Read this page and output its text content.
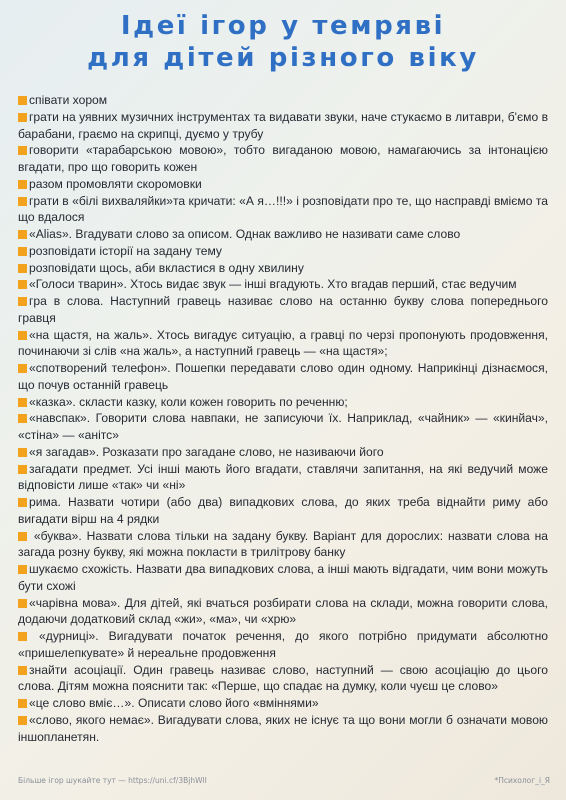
Ідеї ігор у темряві
для дітей різного віку
співати хором
грати на уявних музичних інструментах та видавати звуки, наче стукаємо в литаври, б'ємо в барабани, граємо на скрипці, дуємо у трубу
говорити «тарабарською мовою», тобто вигаданою мовою, намагаючись за інтонацією вгадати, про що говорить кожен
разом промовляти скоромовки
грати в «білі вихваляйки»та кричати: «А я…!!!» і розповідати про те, що насправді вміємо та що вдалося
«Alias». Вгадувати слово за описом. Однак важливо не називати саме слово
розповідати історії на задану тему
розповідати щось, аби вкластися в одну хвилину
«Голоси тварин». Хтось видає звук — інші вгадують. Хто вгадав перший, стає ведучим
гра в слова. Наступний гравець називає слово на останню букву слова попереднього гравця
«на щастя, на жаль». Хтось вигадує ситуацію, а гравці по черзі пропонують продовження, починаючи зі слів «на жаль», а наступний гравець — «на щастя»;
«спотворений телефон». Пошепки передавати слово один одному. Наприкінці дізнаємося, що почув останній гравець
«казка». скласти казку, коли кожен говорить по реченню;
«навспак». Говорити слова навпаки, не записуючи їх. Наприклад, «чайник» — «кинйач», «стіна» — «анітс»
«я загадав». Розказати про загадане слово, не називаючи його
загадати предмет. Усі інші мають його вгадати, ставлячи запитання, на які ведучий може відповісти лише «так» чи «ні»
рима. Назвати чотири (або два) випадкових слова, до яких треба віднайти риму або вигадати вірш на 4 рядки
«буква». Назвати слова тільки на задану букву. Варіант для дорослих: назвати слова на загада розну букву, які можна покласти в трилітрову банку
шукаємо схожість. Назвати два випадкових слова, а інші мають відгадати, чим вони можуть бути схожі
«чарівна мова». Для дітей, які вчаться розбирати слова на склади, можна говорити слова, додаючи додатковий склад «жи», «ма», чи «хрю»
«дурниці». Вигадувати початок речення, до якого потрібно придумати абсолютно «пришелепкувате» й нереальне продовження
знайти асоціації. Один гравець називає слово, наступний — свою асоціацію до цього слова. Дітям можна пояснити так: «Перше, що спадає на думку, коли чуєш це слово»
«це слово вміє…». Описати слово його «вміннями»
«слово, якого немає». Вигадувати слова, яких не існує та що вони могли б означати мовою іншопланетян.
Більше ігор шукайте тут — https://uni.cf/3BjhWlI	*Психолог_і_Я
